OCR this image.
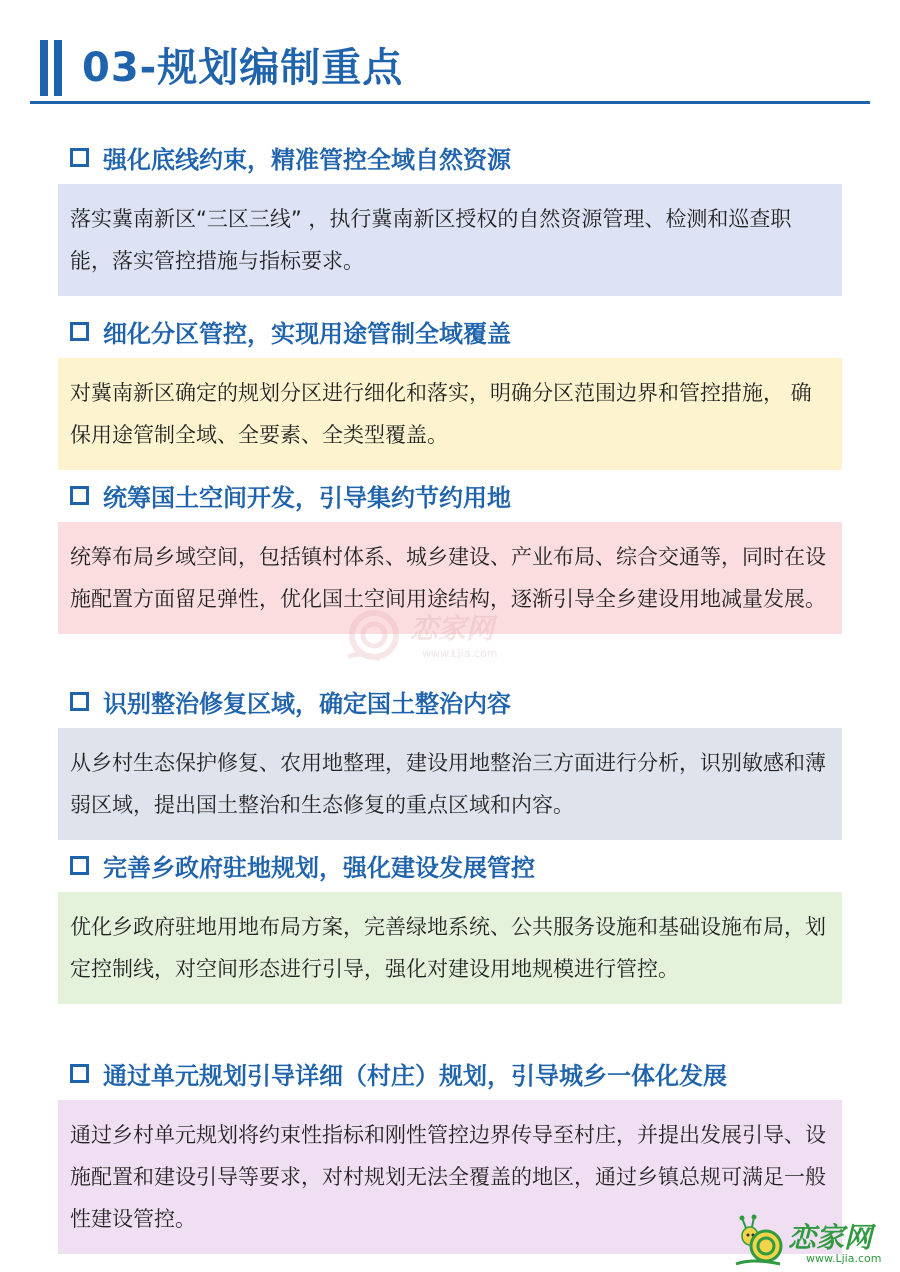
03-规划编制重点
强化底线约束，精准管控全域自然资源
落实冀南新区“三区三线” ，执行冀南新区授权的自然资源管理、检测和巡查职能，落实管控措施与指标要求。
细化分区管控，实现用途管制全域覆盖
对冀南新区确定的规划分区进行细化和落实，明确分区范围边界和管控措施， 确保用途管制全域、全要素、全类型覆盖。
统筹国土空间开发，引导集约节约用地
统筹布局乡域空间，包括镇村体系、城乡建设、产业布局、综合交通等，同时在设施配置方面留足弹性，优化国土空间用途结构，逐渐引导全乡建设用地减量发展。
识别整治修复区域，确定国土整治内容
从乡村生态保护修复、农用地整理，建设用地整治三方面进行分析，识别敏感和薄弱区域，提出国土整治和生态修复的重点区域和内容。
完善乡政府驻地规划，强化建设发展管控
优化乡政府驻地用地布局方案，完善绿地系统、公共服务设施和基础设施布局，划定控制线，对空间形态进行引导，强化对建设用地规模进行管控。
通过单元规划引导详细（村庄）规划，引导城乡一体化发展
通过乡村单元规划将约束性指标和刚性管控边界传导至村庄，并提出发展引导、设施配置和建设引导等要求，对村规划无法全覆盖的地区，通过乡镇总规可满足一般性建设管控。
恋家网
www.Ljia.com
恋家网
www.Ljia.com
